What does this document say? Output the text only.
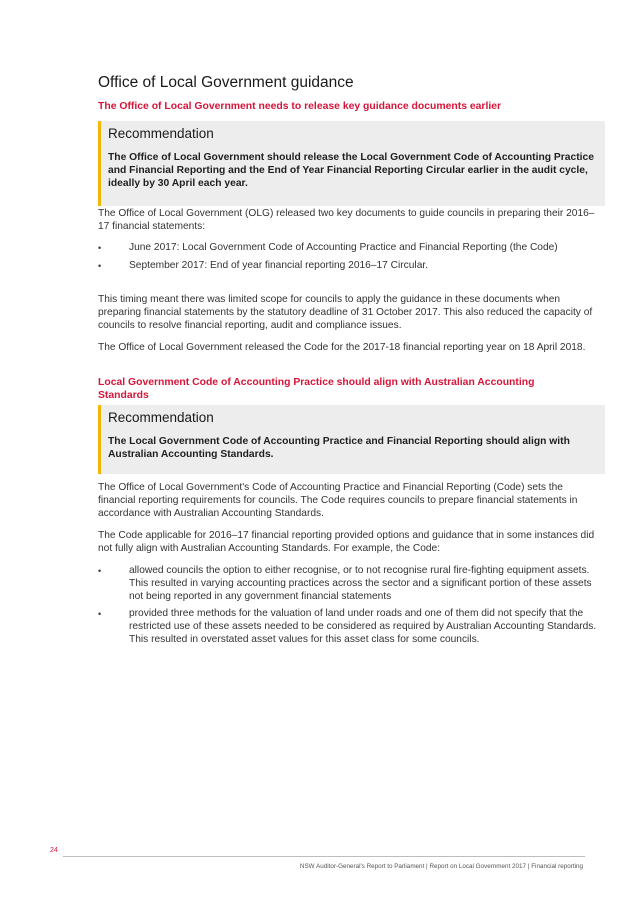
Office of Local Government guidance
The Office of Local Government needs to release key guidance documents earlier
Recommendation
The Office of Local Government should release the Local Government Code of Accounting Practice and Financial Reporting and the End of Year Financial Reporting Circular earlier in the audit cycle, ideally by 30 April each year.
The Office of Local Government (OLG) released two key documents to guide councils in preparing their 2016–17 financial statements:
•	June 2017: Local Government Code of Accounting Practice and Financial Reporting (the Code)
•	September 2017: End of year financial reporting 2016–17 Circular.
This timing meant there was limited scope for councils to apply the guidance in these documents when preparing financial statements by the statutory deadline of 31 October 2017. This also reduced the capacity of councils to resolve financial reporting, audit and compliance issues.
The Office of Local Government released the Code for the 2017-18 financial reporting year on 18 April 2018.
Local Government Code of Accounting Practice should align with Australian Accounting Standards
Recommendation
The Local Government Code of Accounting Practice and Financial Reporting should align with Australian Accounting Standards.
The Office of Local Government's Code of Accounting Practice and Financial Reporting (Code) sets the financial reporting requirements for councils. The Code requires councils to prepare financial statements in accordance with Australian Accounting Standards.
The Code applicable for 2016–17 financial reporting provided options and guidance that in some instances did not fully align with Australian Accounting Standards. For example, the Code:
•	allowed councils the option to either recognise, or to not recognise rural fire-fighting equipment assets. This resulted in varying accounting practices across the sector and a significant portion of these assets not being reported in any government financial statements
•	provided three methods for the valuation of land under roads and one of them did not specify that the restricted use of these assets needed to be considered as required by Australian Accounting Standards. This resulted in overstated asset values for this asset class for some councils.
24
NSW Auditor-General's Report to Parliament | Report on Local Government 2017 | Financial reporting
